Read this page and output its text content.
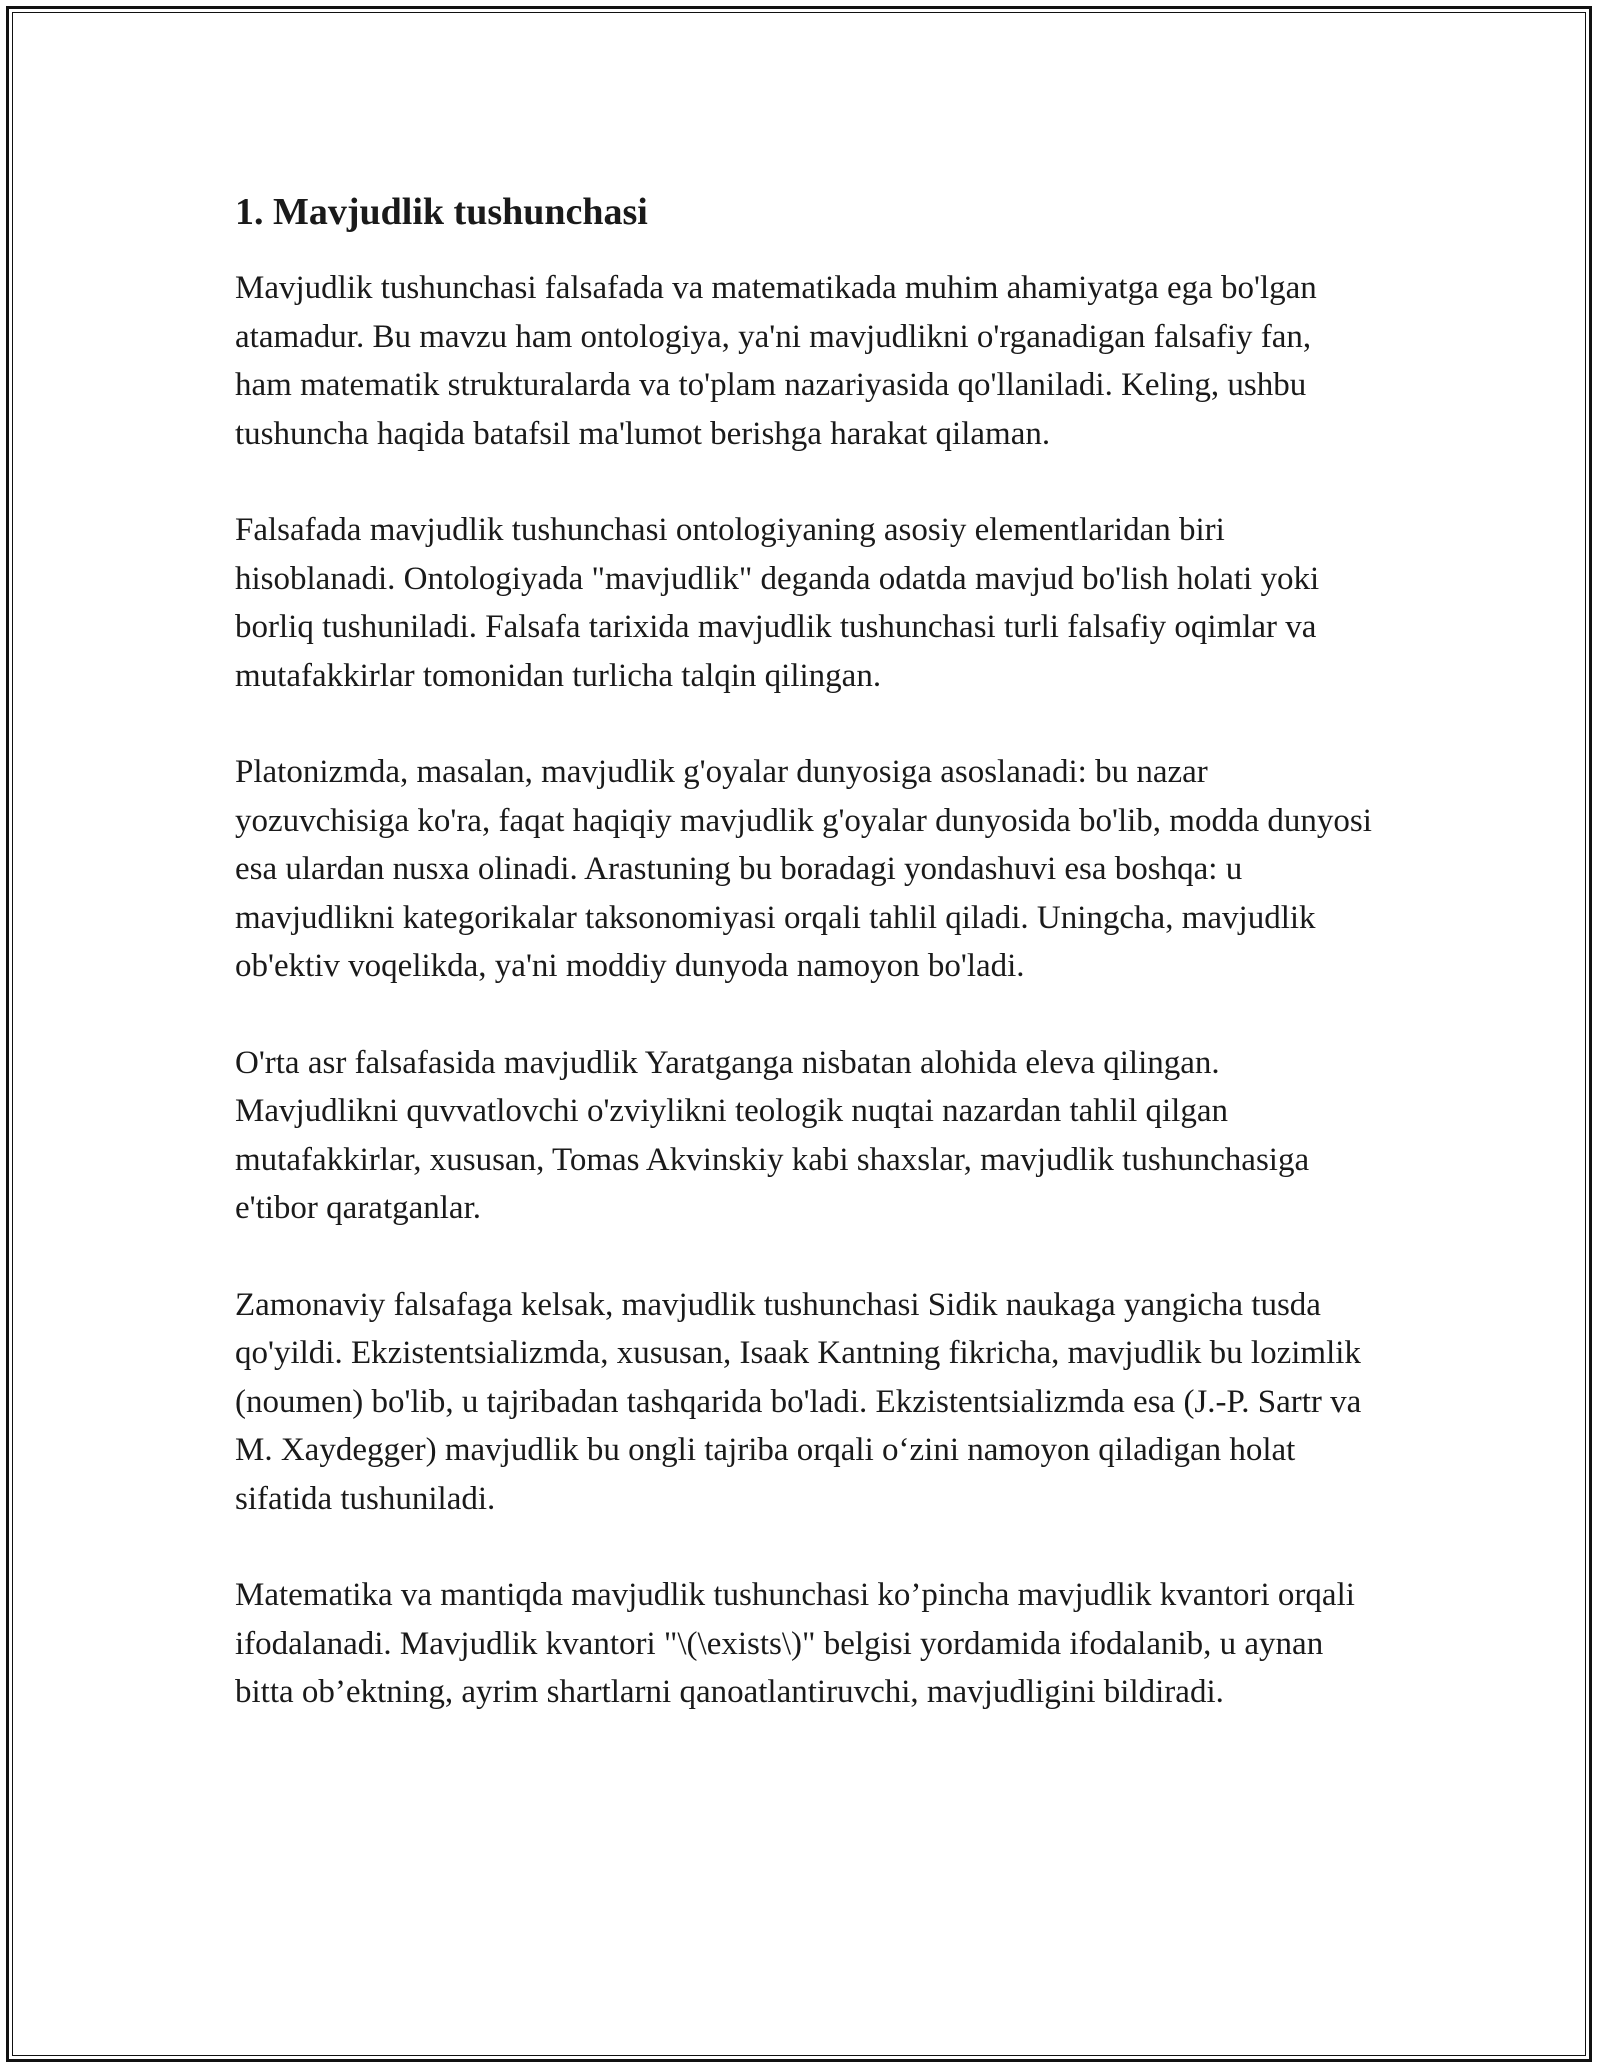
1. Mavjudlik tushunchasi

Mavjudlik tushunchasi falsafada va matematikada muhim ahamiyatga ega bo'lgan atamadur. Bu mavzu ham ontologiya, ya'ni mavjudlikni o'rganadigan falsafiy fan, ham matematik strukturalarda va to'plam nazariyasida qo'llaniladi. Keling, ushbu tushuncha haqida batafsil ma'lumot berishga harakat qilaman.

Falsafada mavjudlik tushunchasi ontologiyaning asosiy elementlaridan biri hisoblanadi. Ontologiyada "mavjudlik" deganda odatda mavjud bo'lish holati yoki borliq tushuniladi. Falsafa tarixida mavjudlik tushunchasi turli falsafiy oqimlar va mutafakkirlar tomonidan turlicha talqin qilingan.

Platonizmda, masalan, mavjudlik g'oyalar dunyosiga asoslanadi: bu nazar yozuvchisiga ko'ra, faqat haqiqiy mavjudlik g'oyalar dunyosida bo'lib, modda dunyosi esa ulardan nusxa olinadi. Arastuning bu boradagi yondashuvi esa boshqa: u mavjudlikni kategorikalar taksonomiyasi orqali tahlil qiladi. Uningcha, mavjudlik ob'ektiv voqelikda, ya'ni moddiy dunyoda namoyon bo'ladi.

O'rta asr falsafasida mavjudlik Yaratganga nisbatan alohida eleva qilingan. Mavjudlikni quvvatlovchi o'zviylikni teologik nuqtai nazardan tahlil qilgan mutafakkirlar, xususan, Tomas Akvinskiy kabi shaxslar, mavjudlik tushunchasiga e'tibor qaratganlar.

Zamonaviy falsafaga kelsak, mavjudlik tushunchasi Sidik naukaga yangicha tusda qo'yildi. Ekzistentsializmda, xususan, Isaak Kantning fikricha, mavjudlik bu lozimlik (noumen) bo'lib, u tajribadan tashqarida bo'ladi. Ekzistentsializmda esa (J.-P. Sartr va M. Xaydegger) mavjudlik bu ongli tajriba orqali o‘zini namoyon qiladigan holat sifatida tushuniladi.

Matematika va mantiqda mavjudlik tushunchasi ko’pincha mavjudlik kvantori orqali ifodalanadi. Mavjudlik kvantori "\(\exists\)" belgisi yordamida ifodalanib, u aynan bitta ob’ektning, ayrim shartlarni qanoatlantiruvchi, mavjudligini bildiradi.
